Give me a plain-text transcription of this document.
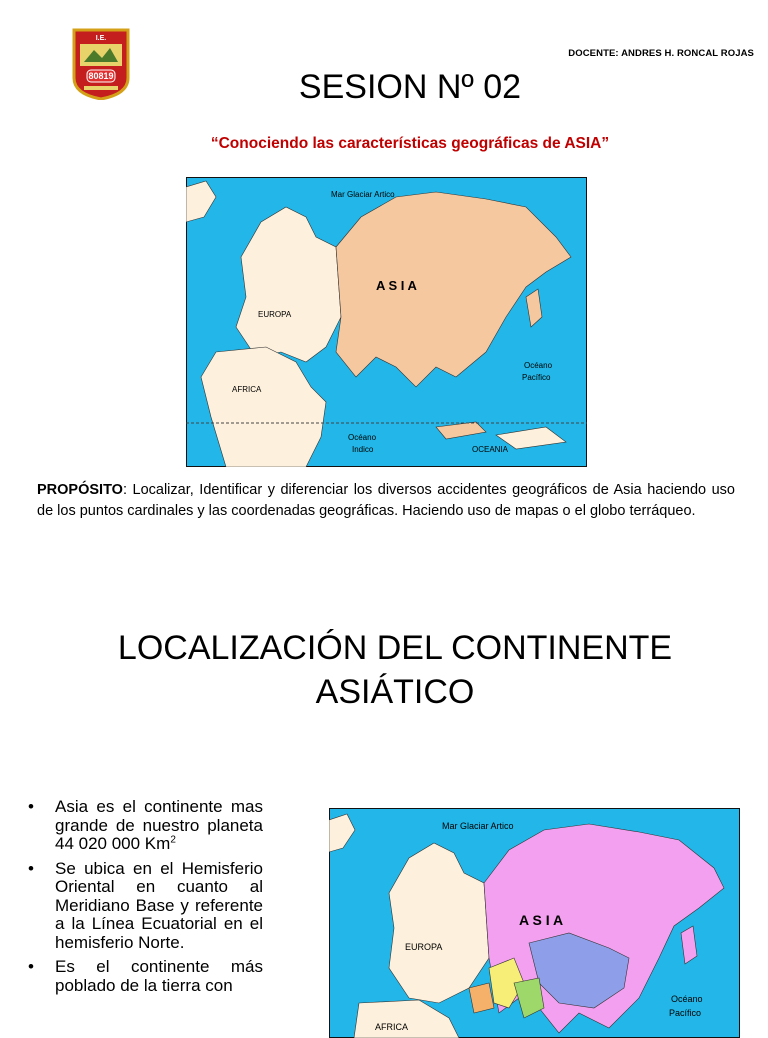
I.E.
80819
DOCENTE: ANDRES H. RONCAL ROJAS
SESION Nº 02
“Conociendo las características geográficas de ASIA”
Mar Glaciar Artico
A S I A
EUROPA
AFRICA
Océano
Pacífico
Océano
Indico	OCEANIA
PROPÓSITO: Localizar, Identificar y diferenciar los diversos accidentes geográficos de Asia haciendo uso de los puntos cardinales y las coordenadas geográficas. Haciendo uso de mapas o el globo terráqueo.
LOCALIZACIÓN DEL CONTINENTE
ASIÁTICO
• Asia es el continente mas grande de nuestro planeta 44 020 000 Km$^2$
• Se ubica en el Hemisferio Oriental en cuanto al Meridiano Base y referente a la Línea Ecuatorial en el hemisferio Norte.
• Es el continente más poblado de la tierra con
Mar Glaciar Artico
A S I A
EUROPA
AFRICA
Océano
Pacífico
